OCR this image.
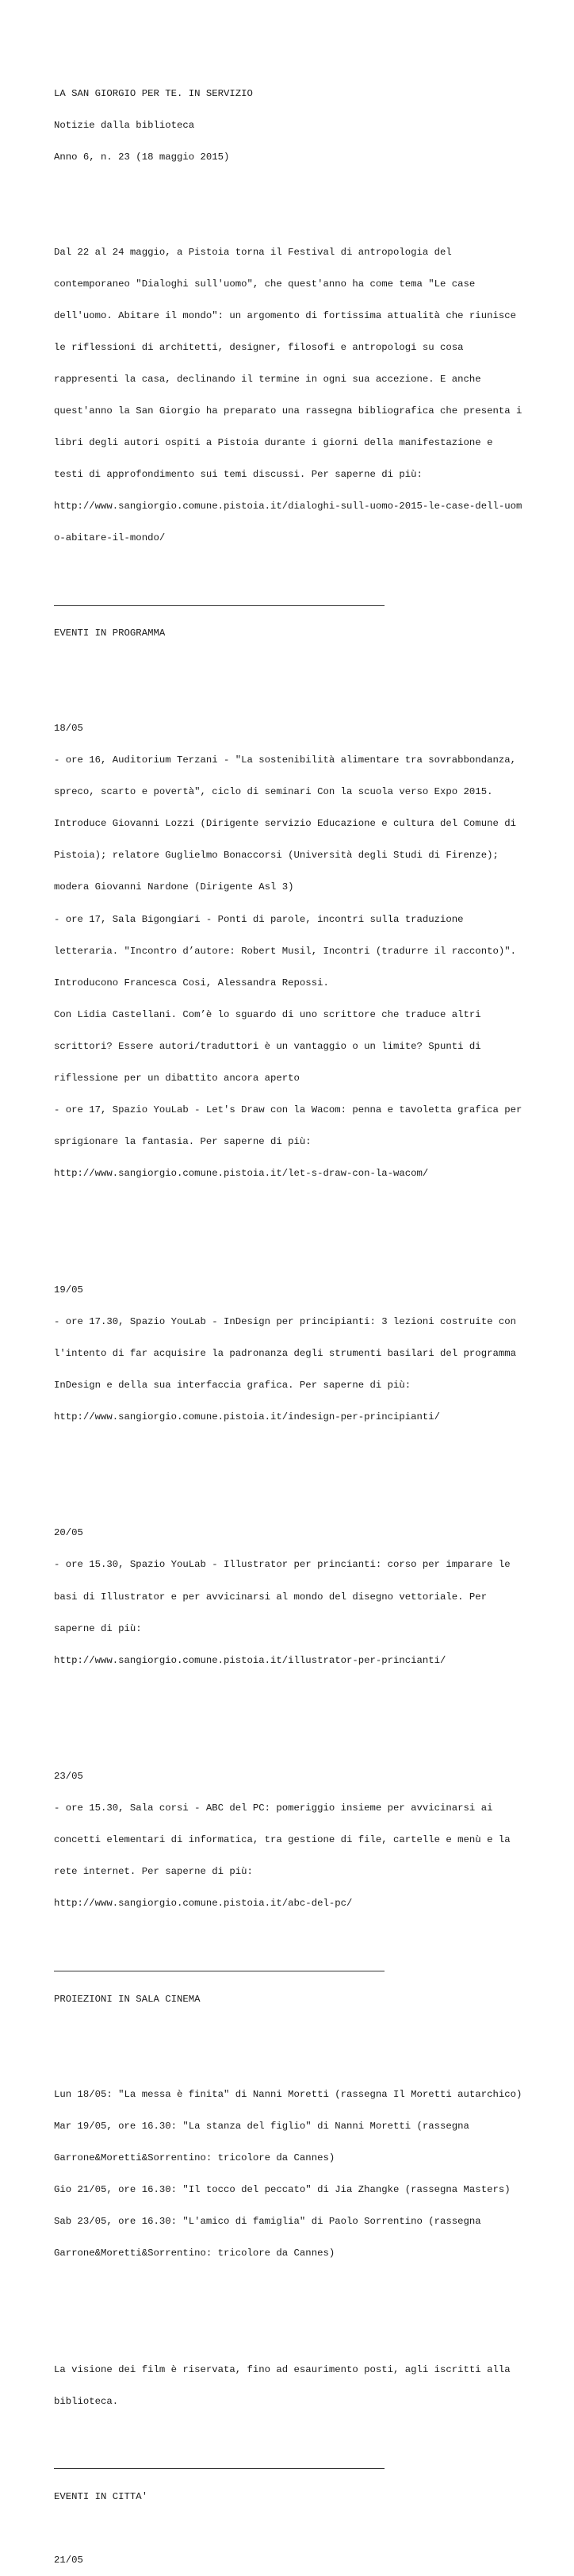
LA SAN GIORGIO PER TE. IN SERVIZIO

Notizie dalla biblioteca

Anno 6, n. 23 (18 maggio 2015)

Dal 22 al 24 maggio, a Pistoia torna il Festival di antropologia del

contemporaneo "Dialoghi sull'uomo", che quest'anno ha come tema "Le case

dell'uomo. Abitare il mondo": un argomento di fortissima attualità che riunisce

le riflessioni di architetti, designer, filosofi e antropologi su cosa

rappresenti la casa, declinando il termine in ogni sua accezione. E anche

quest'anno la San Giorgio ha preparato una rassegna bibliografica che presenta i

libri degli autori ospiti a Pistoia durante i giorni della manifestazione e

testi di approfondimento sui temi discussi. Per saperne di più:

http://www.sangiorgio.comune.pistoia.it/dialoghi-sull-uomo-2015-le-case-dell-uom

o-abitare-il-mondo/

EVENTI IN PROGRAMMA

18/05

- ore 16, Auditorium Terzani - "La sostenibilità alimentare tra sovrabbondanza,

spreco, scarto e povertà", ciclo di seminari Con la scuola verso Expo 2015.

Introduce Giovanni Lozzi (Dirigente servizio Educazione e cultura del Comune di

Pistoia); relatore Guglielmo Bonaccorsi (Università degli Studi di Firenze);

modera Giovanni Nardone (Dirigente Asl 3)

- ore 17, Sala Bigongiari - Ponti di parole, incontri sulla traduzione

letteraria. "Incontro d’autore: Robert Musil, Incontri (tradurre il racconto)".

Introducono Francesca Cosi, Alessandra Repossi.

Con Lidia Castellani. Com’è lo sguardo di uno scrittore che traduce altri

scrittori? Essere autori/traduttori è un vantaggio o un limite? Spunti di

riflessione per un dibattito ancora aperto

- ore 17, Spazio YouLab - Let's Draw con la Wacom: penna e tavoletta grafica per

sprigionare la fantasia. Per saperne di più:

http://www.sangiorgio.comune.pistoia.it/let-s-draw-con-la-wacom/

19/05

- ore 17.30, Spazio YouLab - InDesign per principianti: 3 lezioni costruite con

l'intento di far acquisire la padronanza degli strumenti basilari del programma

InDesign e della sua interfaccia grafica. Per saperne di più:

http://www.sangiorgio.comune.pistoia.it/indesign-per-principianti/

20/05

- ore 15.30, Spazio YouLab - Illustrator per princianti: corso per imparare le

basi di Illustrator e per avvicinarsi al mondo del disegno vettoriale. Per

saperne di più:

http://www.sangiorgio.comune.pistoia.it/illustrator-per-princianti/

23/05

- ore 15.30, Sala corsi - ABC del PC: pomeriggio insieme per avvicinarsi ai

concetti elementari di informatica, tra gestione di file, cartelle e menù e la

rete internet. Per saperne di più:

http://www.sangiorgio.comune.pistoia.it/abc-del-pc/

PROIEZIONI IN SALA CINEMA

Lun 18/05: "La messa è finita" di Nanni Moretti (rassegna Il Moretti autarchico)

Mar 19/05, ore 16.30: "La stanza del figlio" di Nanni Moretti (rassegna

Garrone&Moretti&Sorrentino: tricolore da Cannes)

Gio 21/05, ore 16.30: "Il tocco del peccato" di Jia Zhangke (rassegna Masters)

Sab 23/05, ore 16.30: "L'amico di famiglia" di Paolo Sorrentino (rassegna

Garrone&Moretti&Sorrentino: tricolore da Cannes)

La visione dei film è riservata, fino ad esaurimento posti, agli iscritti alla

biblioteca.

EVENTI IN CITTA'

21/05
